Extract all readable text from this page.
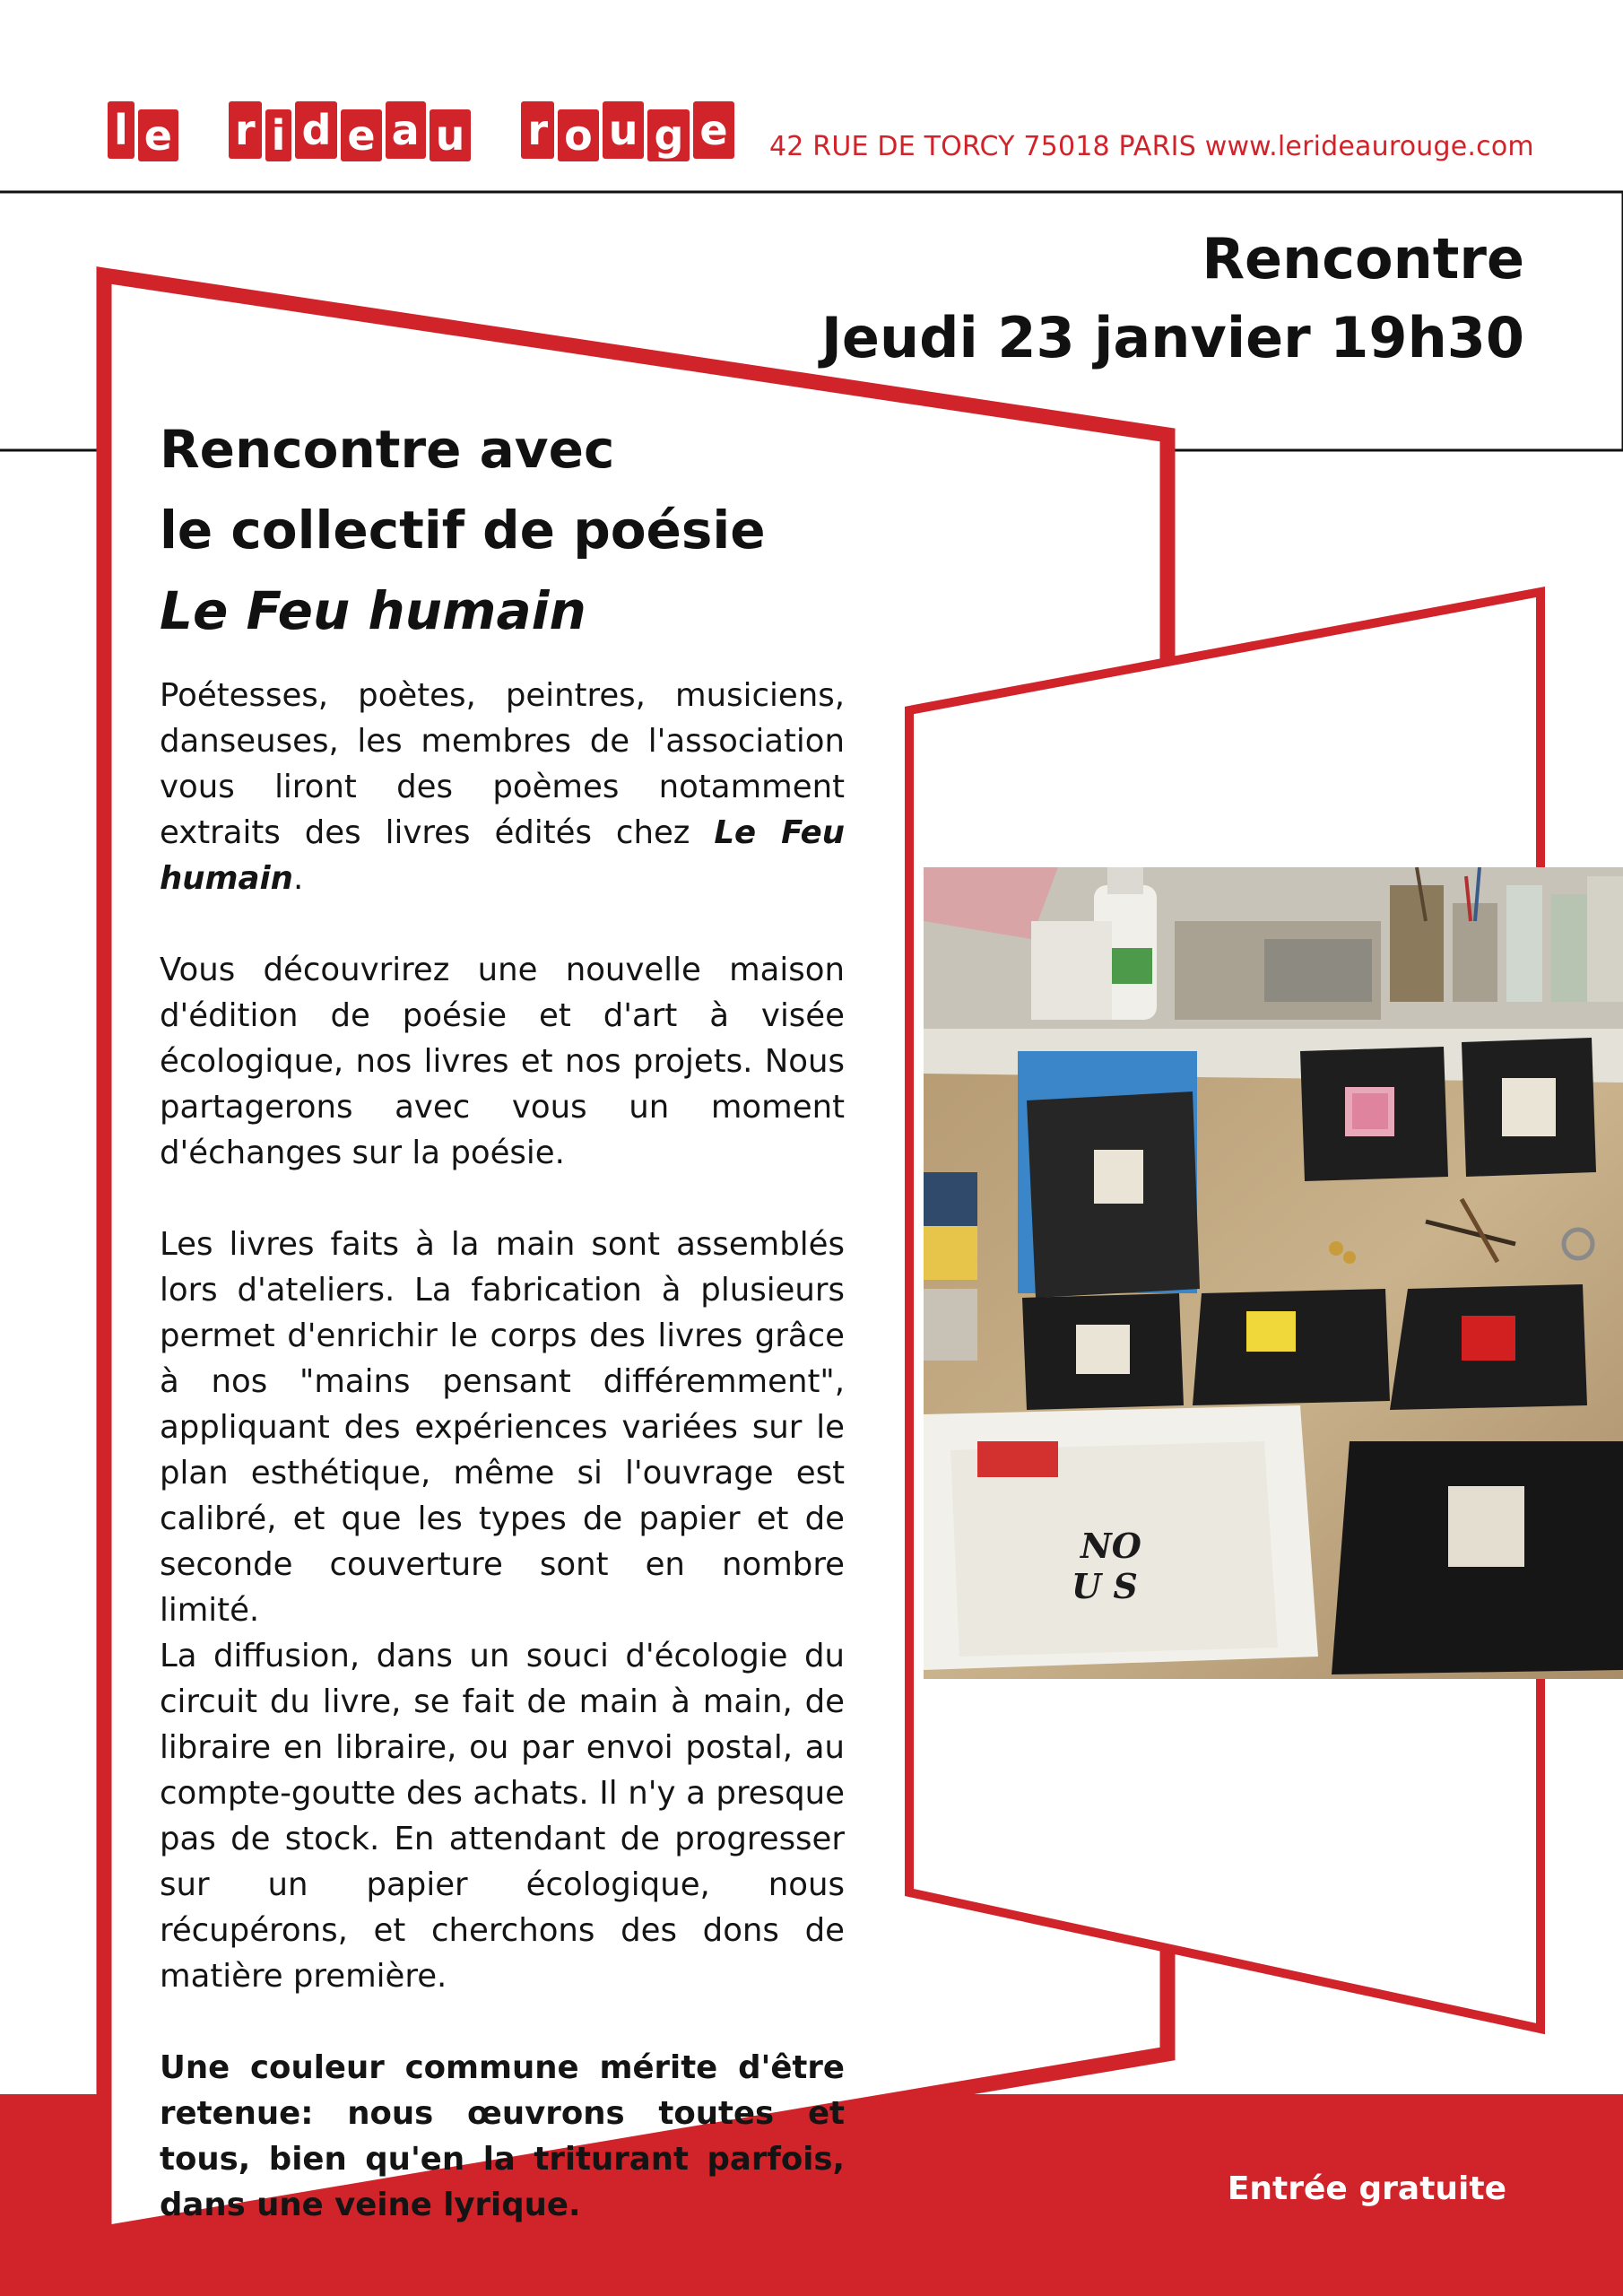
l e r i d e a u r o u g e 42 RUE DE TORCY 75018 PARIS www.lerideaurouge.com
Rencontre
Jeudi 23 janvier 19h30
Rencontre avec
le collectif de poésie
Le Feu humain

Poétesses, poètes, peintres, musiciens, danseuses, les membres de l'association vous liront des poèmes notamment extraits des livres édités chez Le Feu humain.

Vous découvrirez une nouvelle maison d'édition de poésie et d'art à visée écologique, nos livres et nos projets. Nous partagerons avec vous un moment d'échanges sur la poésie.

Les livres faits à la main sont assemblés lors d'ateliers. La fabrication à plusieurs permet d'enrichir le corps des livres grâce à nos "mains pensant différemment", appliquant des expériences variées sur le plan esthétique, même si l'ouvrage est calibré, et que les types de papier et de seconde couverture sont en nombre limité.

La diffusion, dans un souci d'écologie du circuit du livre, se fait de main à main, de libraire en libraire, ou par envoi postal, au compte-goutte des achats. Il n'y a presque pas de stock. En attendant de progresser sur un papier écologique, nous récupérons, et cherchons des dons de matière première.

Une couleur commune mérite d'être retenue: nous œuvrons toutes et tous, bien qu'en la triturant parfois, dans une veine lyrique.

NO
U S
Entrée gratuite
